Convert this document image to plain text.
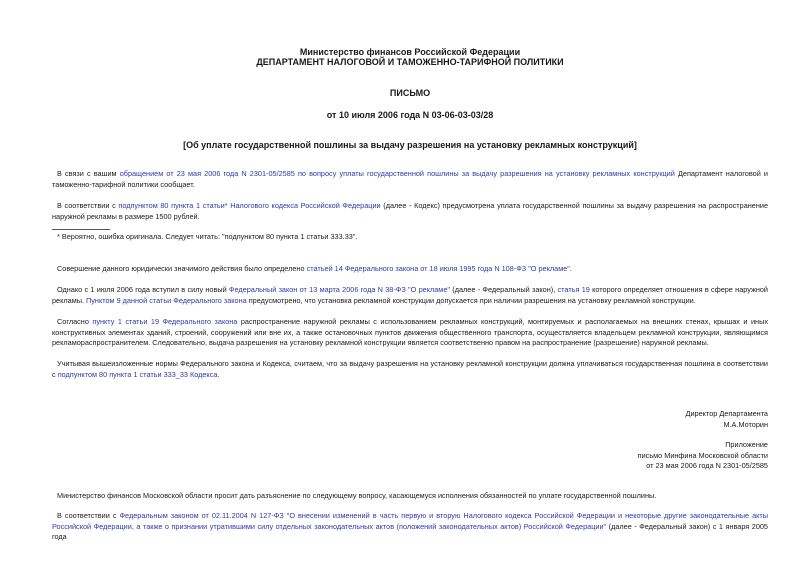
Министерство финансов Российской Федерации
ДЕПАРТАМЕНТ НАЛОГОВОЙ И ТАМОЖЕННО-ТАРИФНОЙ ПОЛИТИКИ
ПИСЬМО
от 10 июля 2006 года N 03-06-03-03/28
[Об уплате государственной пошлины за выдачу разрешения на установку рекламных конструкций]
В связи с вашим обращением от 23 мая 2006 года N 2301-05/2585 по вопросу уплаты государственной пошлины за выдачу разрешения на установку рекламных конструкций Департамент налоговой и таможенно-тарифной политики сообщает.
В соответствии с подпунктом 80 пункта 1 статьи* Налогового кодекса Российской Федерации (далее - Кодекс) предусмотрена уплата государственной пошлины за выдачу разрешения на распространение наружной рекламы в размере 1500 рублей.
* Вероятно, ошибка оригинала. Следует читать: "подпунктом 80 пункта 1 статьи 333.33".
Совершение данного юридически значимого действия было определено статьей 14 Федерального закона от 18 июля 1995 года N 108-ФЗ "О рекламе".
Однако с 1 июля 2006 года вступил в силу новый Федеральный закон от 13 марта 2006 года N 38-ФЗ "О рекламе" (далее - Федеральный закон), статья 19 которого определяет отношения в сфере наружной рекламы. Пунктом 9 данной статьи Федерального закона предусмотрено, что установка рекламной конструкции допускается при наличии разрешения на установку рекламной конструкции.
Согласно пункту 1 статьи 19 Федерального закона распространение наружной рекламы с использованием рекламных конструкций, монтируемых и располагаемых на внешних стенах, крышах и иных конструктивных элементах зданий, строений, сооружений или вне их, а также остановочных пунктов движения общественного транспорта, осуществляется владельцем рекламной конструкции, являющимся рекламораспространителем. Следовательно, выдача разрешения на установку рекламной конструкции является соответственно правом на распространение (разрешение) наружной рекламы.
Учитывая вышеизложенные нормы Федерального закона и Кодекса, считаем, что за выдачу разрешения на установку рекламной конструкции должна уплачиваться государственная пошлина в соответствии с подпунктом 80 пункта 1 статьи 333_33 Кодекса.
Директор Департамента
М.А.Моторин
Приложение
письмо Минфина Московской области
от 23 мая 2006 года N 2301-05/2585
Министерство финансов Московской области просит дать разъяснение по следующему вопросу, касающемуся исполнения обязанностей по уплате государственной пошлины.
В соответствии с Федеральным законом от 02.11.2004 N 127-ФЗ "О внесении изменений в часть первую и вторую Налогового кодекса Российской Федерации и некоторые другие законодательные акты Российской Федерации, а также о признании утратившими силу отдельных законодательных актов (положений законодательных актов) Российской Федерации" (далее - Федеральный закон) с 1 января 2005 года
